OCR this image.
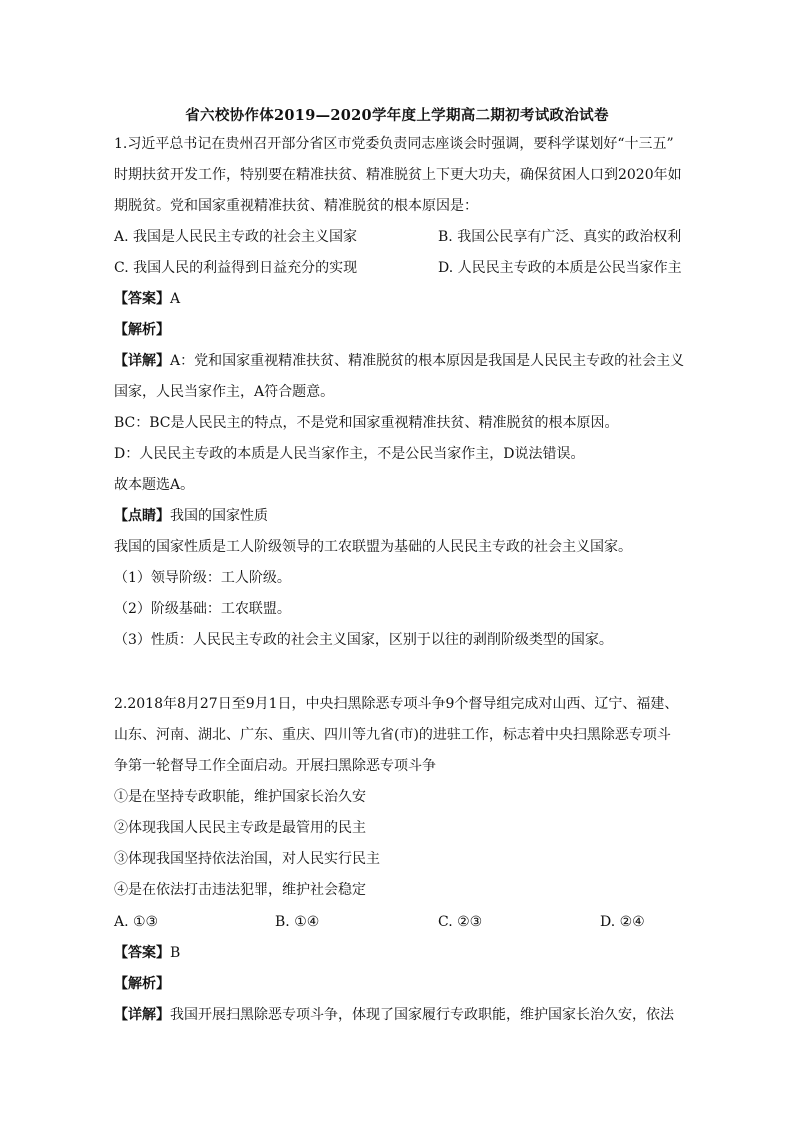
省六校协作体2019—2020学年度上学期高二期初考试政治试卷
1.习近平总书记在贵州召开部分省区市党委负责同志座谈会时强调，要科学谋划好“十三五”
时期扶贫开发工作，特别要在精准扶贫、精准脱贫上下更大功夫，确保贫困人口到2020年如
期脱贫。党和国家重视精准扶贫、精准脱贫的根本原因是：
A. 我国是人民民主专政的社会主义国家	B. 我国公民享有广泛、真实的政治权利
C. 我国人民的利益得到日益充分的实现	D. 人民民主专政的本质是公民当家作主
【答案】A
【解析】
【详解】A：党和国家重视精准扶贫、精准脱贫的根本原因是我国是人民民主专政的社会主义
国家，人民当家作主，A符合题意。
BC：BC是人民民主的特点，不是党和国家重视精准扶贫、精准脱贫的根本原因。
D：人民民主专政的本质是人民当家作主，不是公民当家作主，D说法错误。
故本题选A。
【点睛】我国的国家性质
我国的国家性质是工人阶级领导的工农联盟为基础的人民民主专政的社会主义国家。
（1）领导阶级：工人阶级。
（2）阶级基础：工农联盟。
（3）性质：人民民主专政的社会主义国家，区别于以往的剥削阶级类型的国家。
2.2018年8月27日至9月1日，中央扫黑除恶专项斗争9个督导组完成对山西、辽宁、福建、
山东、河南、湖北、广东、重庆、四川等九省(市)的进驻工作，标志着中央扫黑除恶专项斗
争第一轮督导工作全面启动。开展扫黑除恶专项斗争
①是在坚持专政职能，维护国家长治久安
②体现我国人民民主专政是最管用的民主
③体现我国坚持依法治国，对人民实行民主
④是在依法打击违法犯罪，维护社会稳定
A. ①③	B. ①④	C. ②③	D. ②④
【答案】B
【解析】
【详解】我国开展扫黑除恶专项斗争，体现了国家履行专政职能，维护国家长治久安，依法
